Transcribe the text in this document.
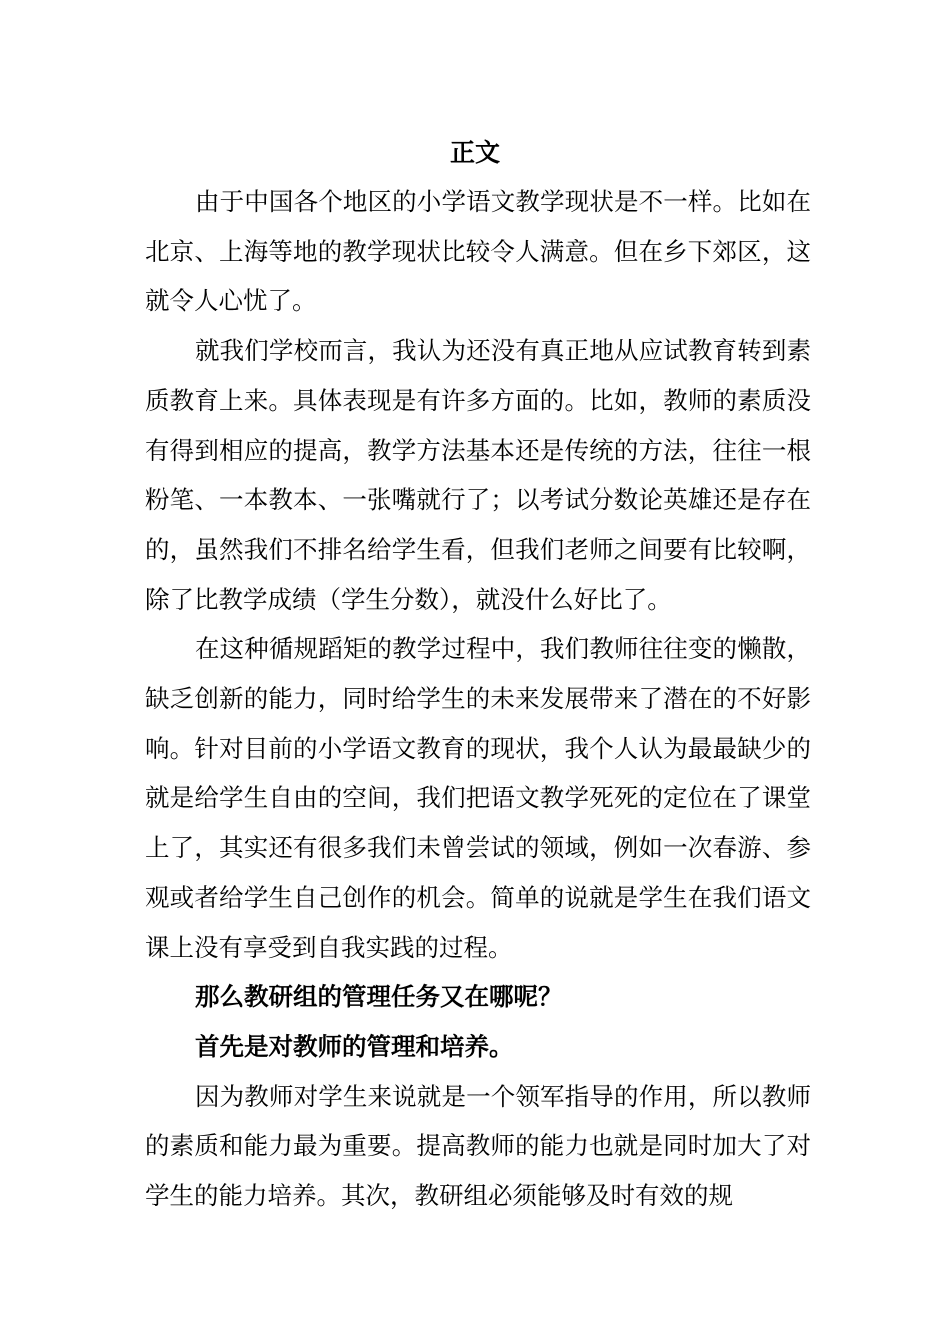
正文

由于中国各个地区的小学语文教学现状是不一样。比如在北京、上海等地的教学现状比较令人满意。但在乡下郊区，这就令人心忧了。

就我们学校而言，我认为还没有真正地从应试教育转到素质教育上来。具体表现是有许多方面的。比如，教师的素质没有得到相应的提高，教学方法基本还是传统的方法，往往一根粉笔、一本教本、一张嘴就行了；以考试分数论英雄还是存在的，虽然我们不排名给学生看，但我们老师之间要有比较啊，除了比教学成绩（学生分数），就没什么好比了。

在这种循规蹈矩的教学过程中，我们教师往往变的懒散，缺乏创新的能力，同时给学生的未来发展带来了潜在的不好影响。针对目前的小学语文教育的现状，我个人认为最最缺少的就是给学生自由的空间，我们把语文教学死死的定位在了课堂上了，其实还有很多我们未曾尝试的领域，例如一次春游、参观或者给学生自己创作的机会。简单的说就是学生在我们语文课上没有享受到自我实践的过程。

那么教研组的管理任务又在哪呢？

首先是对教师的管理和培养。

因为教师对学生来说就是一个领军指导的作用，所以教师的素质和能力最为重要。提高教师的能力也就是同时加大了对学生的能力培养。其次，教研组必须能够及时有效的规
